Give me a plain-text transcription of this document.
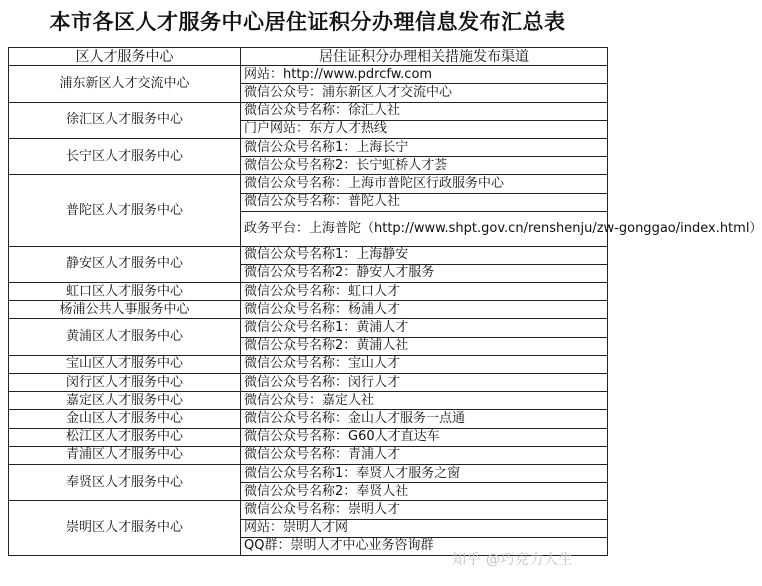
本市各区人才服务中心居住证积分办理信息发布汇总表
区人才服务中心	居住证积分办理相关措施发布渠道
浦东新区人才交流中心	网站：http://www.pdrcfw.com
	微信公众号：浦东新区人才交流中心
徐汇区人才服务中心	微信公众号名称：徐汇人社
	门户网站：东方人才热线
长宁区人才服务中心	微信公众号名称1：上海长宁
	微信公众号名称2：长宁虹桥人才荟
普陀区人才服务中心	微信公众号名称：上海市普陀区行政服务中心
	微信公众号名称：普陀人社
	政务平台：上海普陀（http://www.shpt.gov.cn/renshenju/zw-gonggao/index.html）
静安区人才服务中心	微信公众号名称1：上海静安
	微信公众号名称2：静安人才服务
虹口区人才服务中心	微信公众号名称：虹口人才
杨浦公共人事服务中心	微信公众号名称：杨浦人才
黄浦区人才服务中心	微信公众号名称1：黄浦人才
	微信公众号名称2：黄浦人社
宝山区人才服务中心	微信公众号名称：宝山人才
闵行区人才服务中心	微信公众号名称：闵行人才
嘉定区人才服务中心	微信公众号：嘉定人社
金山区人才服务中心	微信公众号名称：金山人才服务一点通
松江区人才服务中心	微信公众号名称：G60人才直达车
青浦区人才服务中心	微信公众号名称：青浦人才
奉贤区人才服务中心	微信公众号名称1：奉贤人才服务之窗
	微信公众号名称2：奉贤人社
崇明区人才服务中心	微信公众号名称：崇明人才
	网站：崇明人才网
	QQ群：崇明人才中心业务咨询群
知乎 @巧克力人生
